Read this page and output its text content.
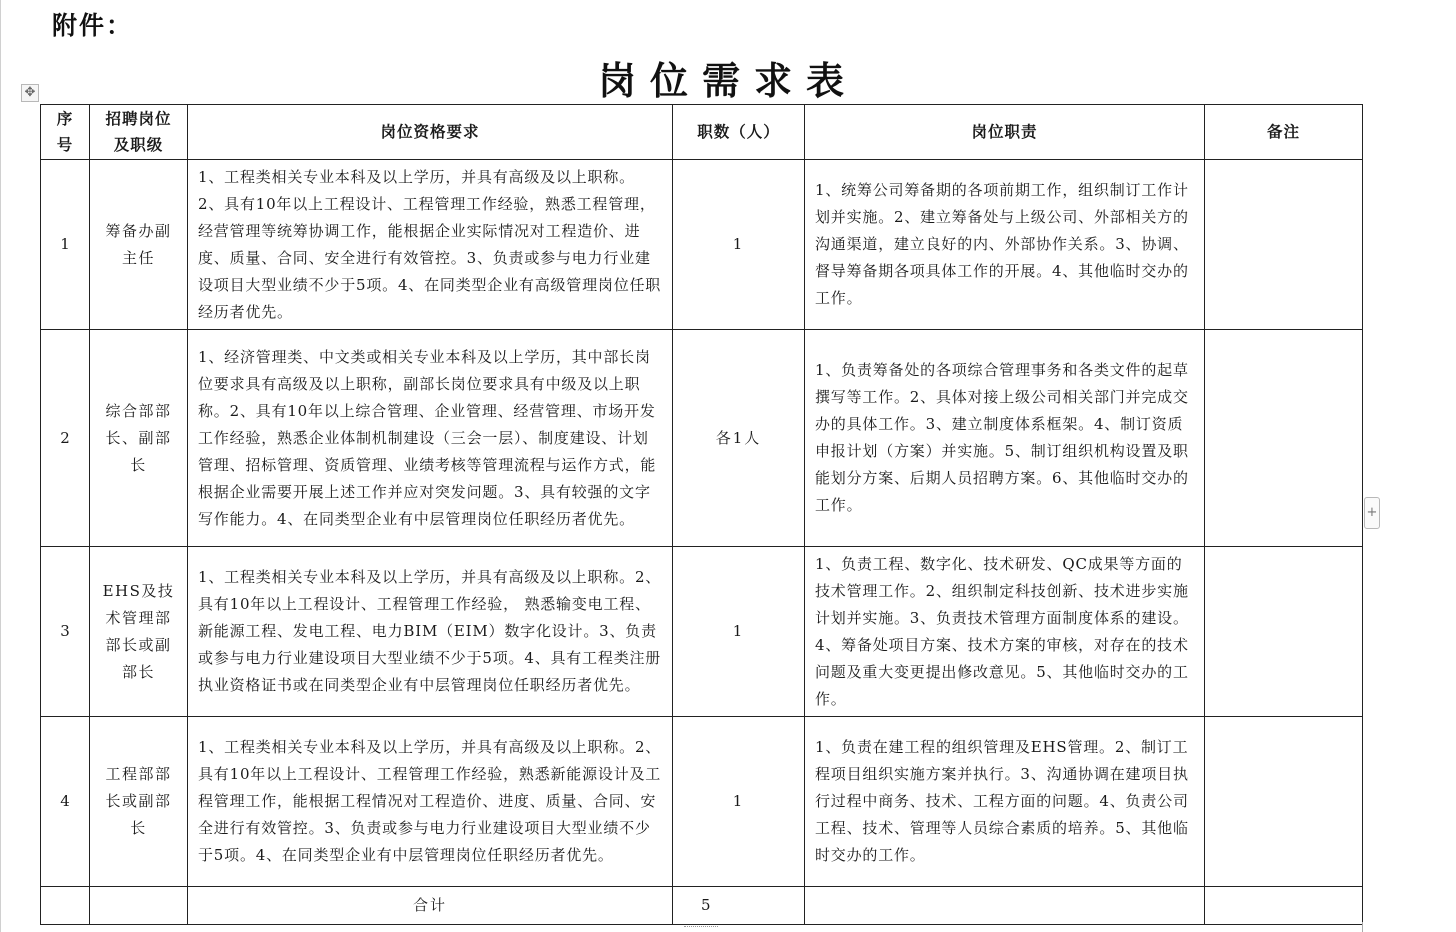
附件：
岗位需求表
✥
序号	招聘岗位及职级	岗位资格要求	职数（人）	岗位职责	备注
1	筹备办副主任	1、工程类相关专业本科及以上学历，并具有高级及以上职称。 2、具有10年以上工程设计、工程管理工作经验，熟悉工程管理，经营管理等统筹协调工作，能根据企业实际情况对工程造价、进度、质量、合同、安全进行有效管控。3、负责或参与电力行业建设项目大型业绩不少于5项。4、在同类型企业有高级管理岗位任职经历者优先。	1	1、统筹公司筹备期的各项前期工作，组织制订工作计划并实施。2、建立筹备处与上级公司、外部相关方的沟通渠道，建立良好的内、外部协作关系。3、协调、督导筹备期各项具体工作的开展。4、其他临时交办的工作。	
2	综合部部长、副部长	1、经济管理类、中文类或相关专业本科及以上学历，其中部长岗位要求具有高级及以上职称，副部长岗位要求具有中级及以上职称。2、具有10年以上综合管理、企业管理、经营管理、市场开发工作经验，熟悉企业体制机制建设（三会一层）、制度建设、计划管理、招标管理、资质管理、业绩考核等管理流程与运作方式，能根据企业需要开展上述工作并应对突发问题。3、具有较强的文字写作能力。4、在同类型企业有中层管理岗位任职经历者优先。	各1人	1、负责筹备处的各项综合管理事务和各类文件的起草撰写等工作。2、具体对接上级公司相关部门并完成交办的具体工作。3、建立制度体系框架。4、制订资质申报计划（方案）并实施。5、制订组织机构设置及职能划分方案、后期人员招聘方案。6、其他临时交办的工作。	
3	EHS及技术管理部部长或副部长	1、工程类相关专业本科及以上学历，并具有高级及以上职称。2、具有10年以上工程设计、工程管理工作经验， 熟悉输变电工程、新能源工程、发电工程、电力BIM（EIM）数字化设计。3、负责或参与电力行业建设项目大型业绩不少于5项。4、具有工程类注册执业资格证书或在同类型企业有中层管理岗位任职经历者优先。	1	1、负责工程、数字化、技术研发、QC成果等方面的技术管理工作。2、组织制定科技创新、技术进步实施计划并实施。3、负责技术管理方面制度体系的建设。4、筹备处项目方案、技术方案的审核，对存在的技术问题及重大变更提出修改意见。5、其他临时交办的工作。	
4	工程部部长或副部长	1、工程类相关专业本科及以上学历，并具有高级及以上职称。2、具有10年以上工程设计、工程管理工作经验，熟悉新能源设计及工程管理工作，能根据工程情况对工程造价、进度、质量、合同、安全进行有效管控。3、负责或参与电力行业建设项目大型业绩不少于5项。4、在同类型企业有中层管理岗位任职经历者优先。	1	1、负责在建工程的组织管理及EHS管理。2、制订工程项目组织实施方案并执行。3、沟通协调在建项目执行过程中商务、技术、工程方面的问题。4、负责公司工程、技术、管理等人员综合素质的培养。5、其他临时交办的工作。	
		合计	5		
+
